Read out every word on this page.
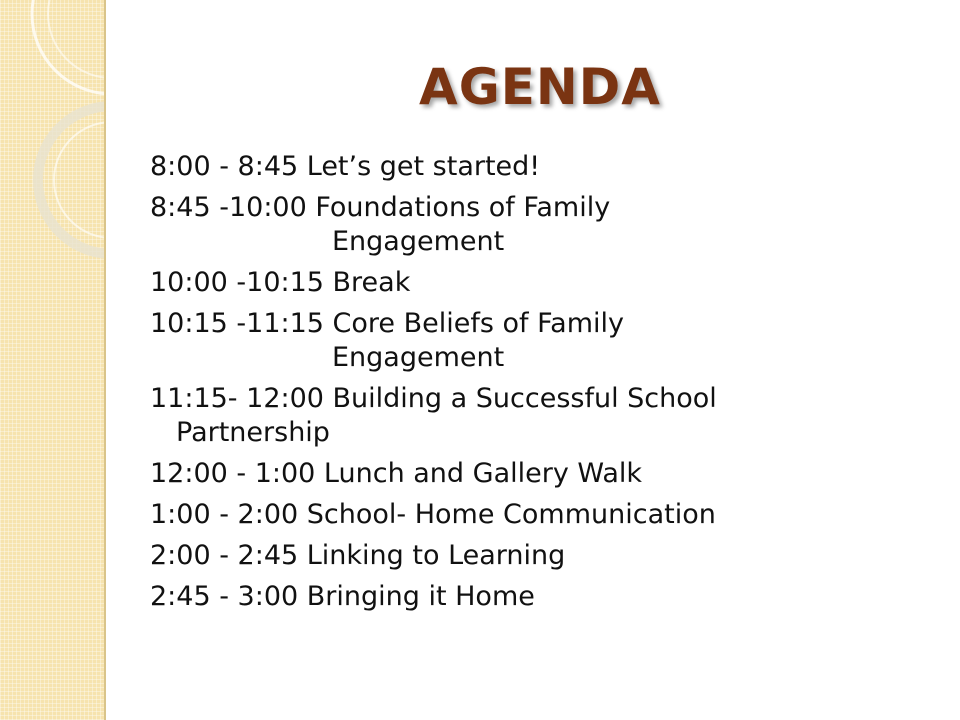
AGENDA
8:00 - 8:45 Let’s get started!
8:45 -10:00 Foundations of Family
Engagement
10:00 -10:15 Break
10:15 -11:15 Core Beliefs of Family
Engagement
11:15- 12:00 Building a Successful School
Partnership
12:00 - 1:00 Lunch and Gallery Walk
1:00 - 2:00 School- Home Communication
2:00 - 2:45 Linking to Learning
2:45 - 3:00 Bringing it Home
